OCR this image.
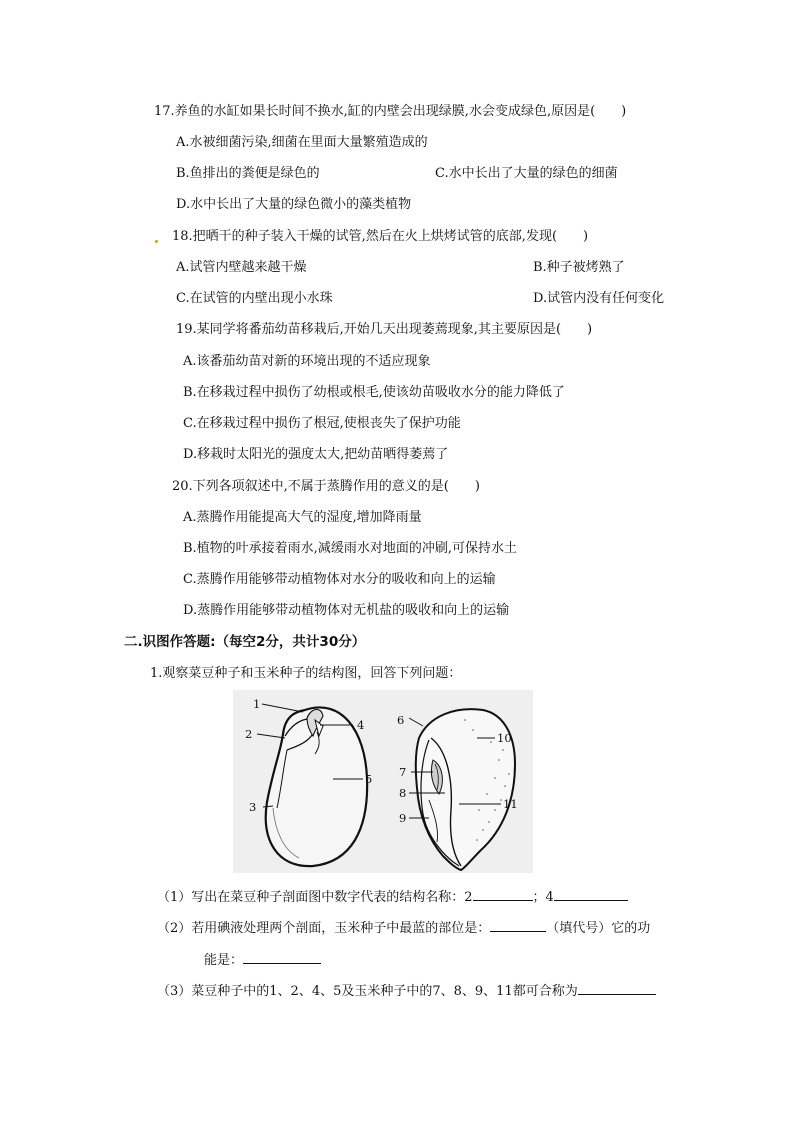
17.养鱼的水缸如果长时间不换水,缸的内壁会出现绿膜,水会变成绿色,原因是(　　)
A.水被细菌污染,细菌在里面大量繁殖造成的
B.鱼排出的粪便是绿色的	C.水中长出了大量的绿色的细菌
D.水中长出了大量的绿色微小的藻类植物
18.把晒干的种子装入干燥的试管,然后在火上烘烤试管的底部,发现(　　)
A.试管内壁越来越干燥	B.种子被烤熟了
C.在试管的内壁出现小水珠	D.试管内没有任何变化
19.某同学将番茄幼苗移栽后,开始几天出现萎蔫现象,其主要原因是(　　)
A.该番茄幼苗对新的环境出现的不适应现象
B.在移栽过程中损伤了幼根或根毛,使该幼苗吸收水分的能力降低了
C.在移栽过程中损伤了根冠,使根丧失了保护功能
D.移栽时太阳光的强度太大,把幼苗晒得萎蔫了
20.下列各项叙述中,不属于蒸腾作用的意义的是(　　)
A.蒸腾作用能提高大气的湿度,增加降雨量
B.植物的叶承接着雨水,减缓雨水对地面的冲刷,可保持水土
C.蒸腾作用能够带动植物体对水分的吸收和向上的运输
D.蒸腾作用能够带动植物体对无机盐的吸收和向上的运输
二.识图作答题:（每空2分，共计30分）
1.观察菜豆种子和玉米种子的结构图，回答下列问题：
1
2
3
4
5
6
7
8
9
10
11
（1）写出在菜豆种子剖面图中数字代表的结构名称：2	；4
（2）若用碘液处理两个剖面，玉米种子中最蓝的部位是：	（填代号）它的功
能是：
（3）菜豆种子中的1、2、4、5及玉米种子中的7、8、9、11都可合称为
